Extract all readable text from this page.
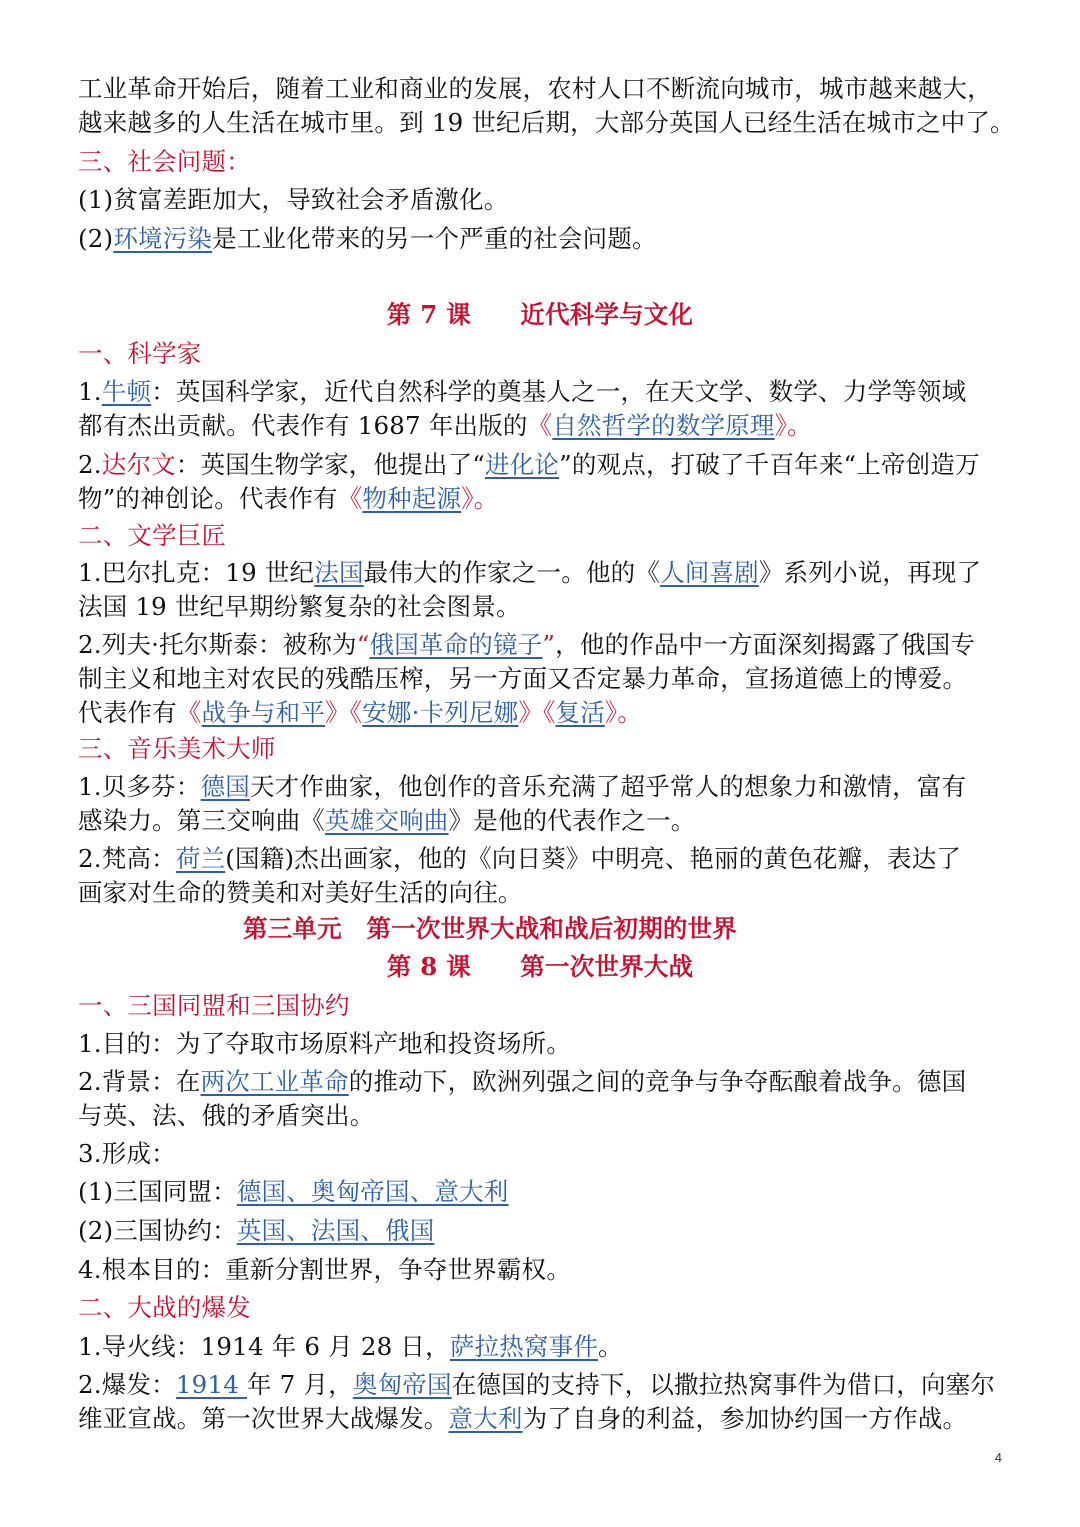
工业革命开始后，随着工业和商业的发展，农村人口不断流向城市，城市越来越大，
越来越多的人生活在城市里。到 19 世纪后期，大部分英国人已经生活在城市之中了。
三、社会问题：
(1)贫富差距加大，导致社会矛盾激化。
(2)环境污染是工业化带来的另一个严重的社会问题。
第 7 课　　近代科学与文化
一、科学家
1.牛顿：英国科学家，近代自然科学的奠基人之一，在天文学、数学、力学等领域
都有杰出贡献。代表作有 1687 年出版的《自然哲学的数学原理》。
2.达尔文：英国生物学家，他提出了“进化论”的观点，打破了千百年来“上帝创造万
物”的神创论。代表作有《物种起源》。
二、文学巨匠
1.巴尔扎克：19 世纪法国最伟大的作家之一。他的《人间喜剧》系列小说，再现了
法国 19 世纪早期纷繁复杂的社会图景。
2.列夫·托尔斯泰：被称为“俄国革命的镜子”，他的作品中一方面深刻揭露了俄国专
制主义和地主对农民的残酷压榨，另一方面又否定暴力革命，宣扬道德上的博爱。
代表作有《战争与和平》《安娜·卡列尼娜》《复活》。
三、音乐美术大师
1.贝多芬：德国天才作曲家，他创作的音乐充满了超乎常人的想象力和激情，富有
感染力。第三交响曲《英雄交响曲》是他的代表作之一。
2.梵高：荷兰(国籍)杰出画家，他的《向日葵》中明亮、艳丽的黄色花瓣，表达了
画家对生命的赞美和对美好生活的向往。
第三单元　第一次世界大战和战后初期的世界
第 8 课　　第一次世界大战
一、三国同盟和三国协约
1.目的：为了夺取市场原料产地和投资场所。
2.背景：在两次工业革命的推动下，欧洲列强之间的竞争与争夺酝酿着战争。德国
与英、法、俄的矛盾突出。
3.形成：
(1)三国同盟：德国、奥匈帝国、意大利
(2)三国协约：英国、法国、俄国
4.根本目的：重新分割世界，争夺世界霸权。
二、大战的爆发
1.导火线：1914 年 6 月 28 日，萨拉热窝事件。
2.爆发：1914 年 7 月，奥匈帝国在德国的支持下，以撒拉热窝事件为借口，向塞尔
维亚宣战。第一次世界大战爆发。意大利为了自身的利益，参加协约国一方作战。
4
